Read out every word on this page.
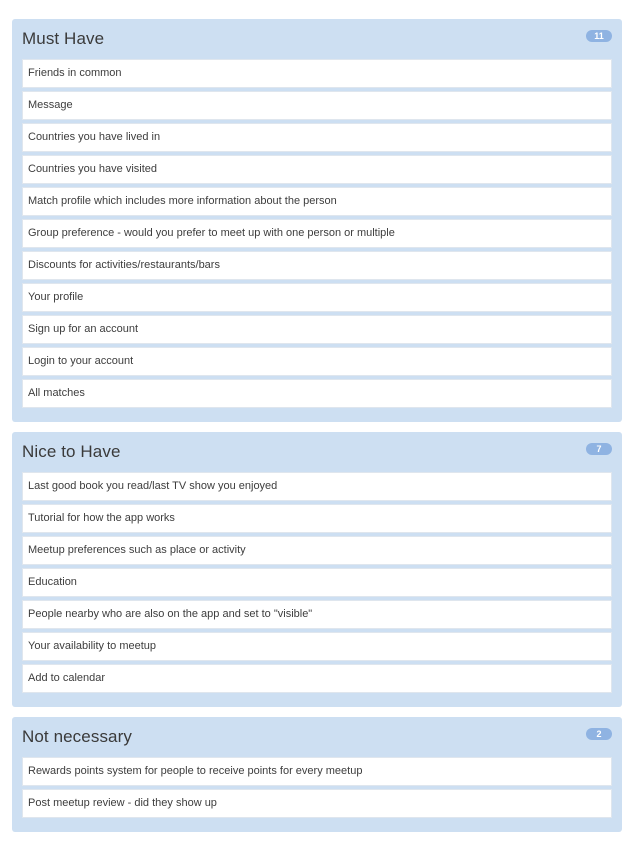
Must Have	11
Friends in common
Message
Countries you have lived in
Countries you have visited
Match profile which includes more information about the person
Group preference - would you prefer to meet up with one person or multiple
Discounts for activities/restaurants/bars
Your profile
Sign up for an account
Login to your account
All matches
Nice to Have	7
Last good book you read/last TV show you enjoyed
Tutorial for how the app works
Meetup preferences such as place or activity
Education
People nearby who are also on the app and set to "visible"
Your availability to meetup
Add to calendar
Not necessary	2
Rewards points system for people to receive points for every meetup
Post meetup review - did they show up
